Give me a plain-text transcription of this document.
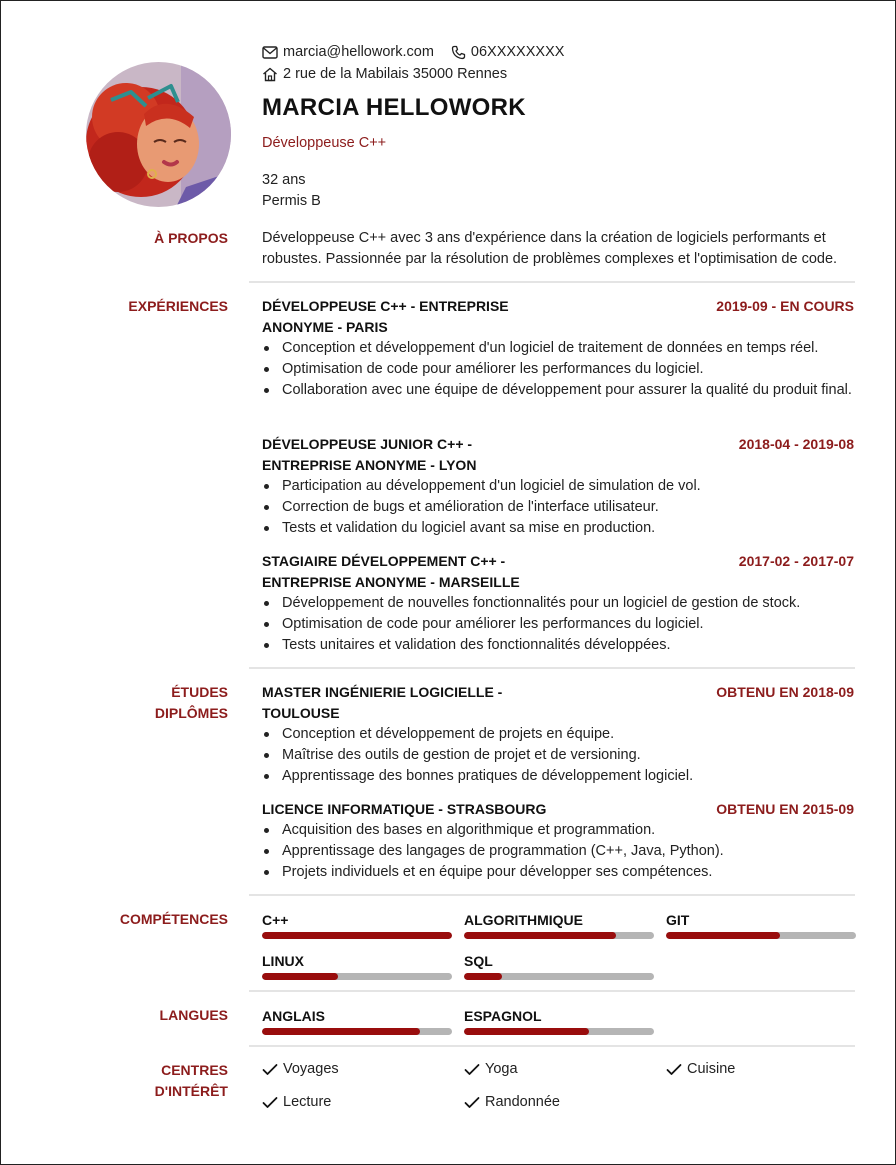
marcia@hellowork.com	06XXXXXXXX
2 rue de la Mabilais 35000 Rennes
MARCIA HELLOWORK
Développeuse C++
32 ans
Permis B
À PROPOS Développeuse C++ avec 3 ans d'expérience dans la création de logiciels performants et robustes. Passionnée par la résolution de problèmes complexes et l'optimisation de code.
EXPÉRIENCES DÉVELOPPEUSE C++ - ENTREPRISE
ANONYME - PARIS
2019-09 - EN COURS
Conception et développement d'un logiciel de traitement de données en temps réel.
Optimisation de code pour améliorer les performances du logiciel.
Collaboration avec une équipe de développement pour assurer la qualité du produit final.
DÉVELOPPEUSE JUNIOR C++ -
ENTREPRISE ANONYME - LYON
2018-04 - 2019-08
Participation au développement d'un logiciel de simulation de vol.
Correction de bugs et amélioration de l'interface utilisateur.
Tests et validation du logiciel avant sa mise en production.
STAGIAIRE DÉVELOPPEMENT C++ -
ENTREPRISE ANONYME - MARSEILLE
2017-02 - 2017-07
Développement de nouvelles fonctionnalités pour un logiciel de gestion de stock.
Optimisation de code pour améliorer les performances du logiciel.
Tests unitaires et validation des fonctionnalités développées.
ÉTUDES
DIPLÔMES
MASTER INGÉNIERIE LOGICIELLE -
TOULOUSE
OBTENU EN 2018-09
Conception et développement de projets en équipe.
Maîtrise des outils de gestion de projet et de versioning.
Apprentissage des bonnes pratiques de développement logiciel.
LICENCE INFORMATIQUE - STRASBOURG	OBTENU EN 2015-09
Acquisition des bases en algorithmique et programmation.
Apprentissage des langages de programmation (C++, Java, Python).
Projets individuels et en équipe pour développer ses compétences.
COMPÉTENCES C++	ALGORITHMIQUE	GIT
LINUX	SQL
LANGUES ANGLAIS	ESPAGNOL
CENTRES
D'INTÉRÊT
Voyages	Yoga	Cuisine
Lecture	Randonnée
